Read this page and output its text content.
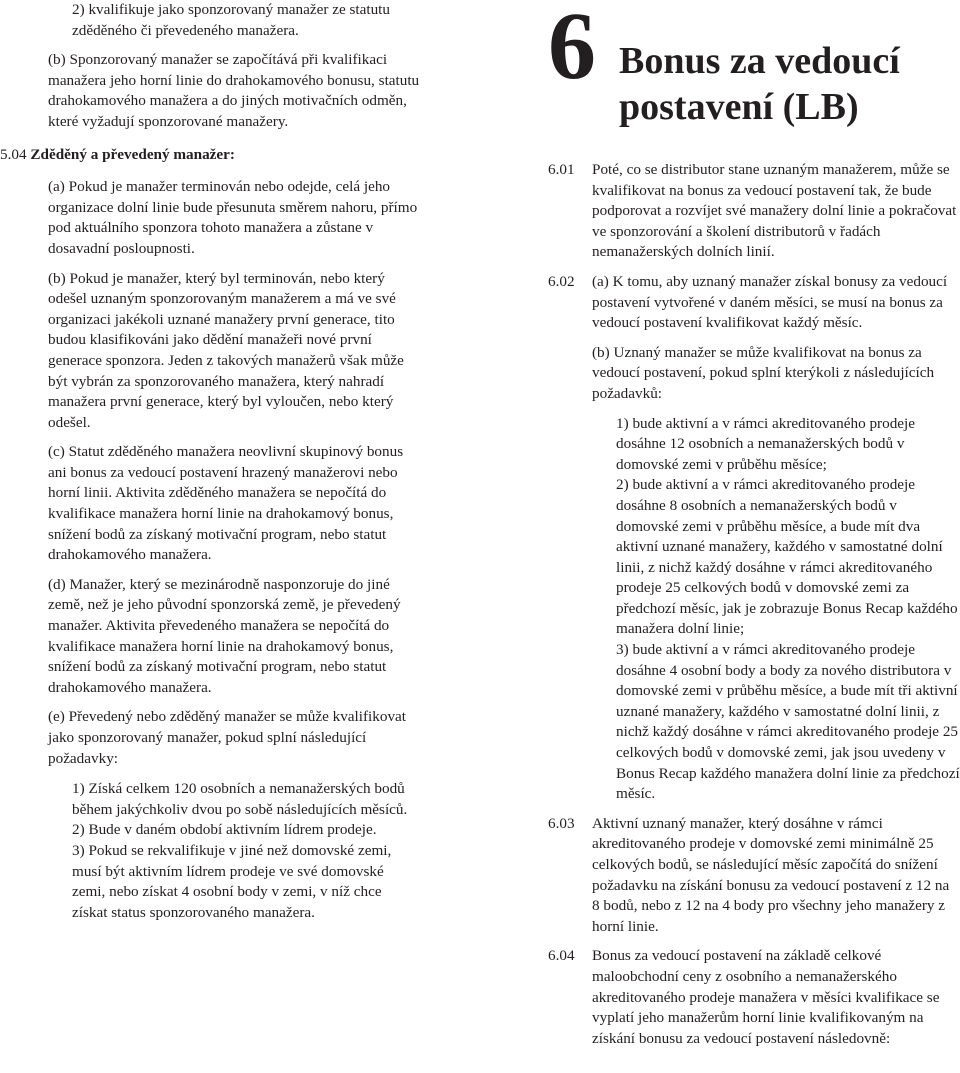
2) kvalifikuje jako sponzorovaný manažer ze statutu zděděného či převedeného manažera.

(b) Sponzorovaný manažer se započítává při kvalifikaci manažera jeho horní linie do drahokamového bonusu, statutu drahokamového manažera a do jiných motivačních odměn, které vyžadují sponzorované manažery.

5.04 Zděděný a převedený manažer:

(a) Pokud je manažer terminován nebo odejde, celá jeho organizace dolní linie bude přesunuta směrem nahoru, přímo pod aktuálního sponzora tohoto manažera a zůstane v dosavadní posloupnosti.

(b) Pokud je manažer, který byl terminován, nebo který odešel uznaným sponzorovaným manažerem a má ve své organizaci jakékoli uznané manažery první generace, tito budou klasifikováni jako dědění manažeři nové první generace sponzora. Jeden z takových manažerů však může být vybrán za sponzorovaného manažera, který nahradí manažera první generace, který byl vyloučen, nebo který odešel.

(c) Statut zděděného manažera neovlivní skupinový bonus ani bonus za vedoucí postavení hrazený manažerovi nebo horní linii. Aktivita zděděného manažera se nepočítá do kvalifikace manažera horní linie na drahokamový bonus, snížení bodů za získaný motivační program, nebo statut drahokamového manažera.

(d) Manažer, který se mezinárodně nasponzoruje do jiné země, než je jeho původní sponzorská země, je převedený manažer. Aktivita převedeného manažera se nepočítá do kvalifikace manažera horní linie na drahokamový bonus, snížení bodů za získaný motivační program, nebo statut drahokamového manažera.

(e) Převedený nebo zděděný manažer se může kvalifikovat jako sponzorovaný manažer, pokud splní následující požadavky:

1) Získá celkem 120 osobních a nemanažerských bodů během jakýchkoliv dvou po sobě následujících měsíců.

2) Bude v daném období aktivním lídrem prodeje.

3) Pokud se rekvalifikuje v jiné než domovské zemi, musí být aktivním lídrem prodeje ve své domovské zemi, nebo získat 4 osobní body v zemi, v níž chce získat status sponzorovaného manažera.

6 Bonus za vedoucí postavení (LB)
6.01 Poté, co se distributor stane uznaným manažerem, může se kvalifikovat na bonus za vedoucí postavení tak, že bude podporovat a rozvíjet své manažery dolní linie a pokračovat ve sponzorování a školení distributorů v řadách nemanažerských dolních linií.

6.02 (a) K tomu, aby uznaný manažer získal bonusy za vedoucí postavení vytvořené v daném měsíci, se musí na bonus za vedoucí postavení kvalifikovat každý měsíc.

(b) Uznaný manažer se může kvalifikovat na bonus za vedoucí postavení, pokud splní kterýkoli z následujících požadavků:

1) bude aktivní a v rámci akreditovaného prodeje dosáhne 12 osobních a nemanažerských bodů v domovské zemi v průběhu měsíce;

2) bude aktivní a v rámci akreditovaného prodeje dosáhne 8 osobních a nemanažerských bodů v domovské zemi v průběhu měsíce, a bude mít dva aktivní uznané manažery, každého v samostatné dolní linii, z nichž každý dosáhne v rámci akreditovaného prodeje 25 celkových bodů v domovské zemi za předchozí měsíc, jak je zobrazuje Bonus Recap každého manažera dolní linie;

3) bude aktivní a v rámci akreditovaného prodeje dosáhne 4 osobní body a body za nového distributora v domovské zemi v průběhu měsíce, a bude mít tři aktivní uznané manažery, každého v samostatné dolní linii, z nichž každý dosáhne v rámci akreditovaného prodeje 25 celkových bodů v domovské zemi, jak jsou uvedeny v Bonus Recap každého manažera dolní linie za předchozí měsíc.

6.03 Aktivní uznaný manažer, který dosáhne v rámci akreditovaného prodeje v domovské zemi minimálně 25 celkových bodů, se následující měsíc započítá do snížení požadavku na získání bonusu za vedoucí postavení z 12 na 8 bodů, nebo z 12 na 4 body pro všechny jeho manažery z horní linie.

6.04 Bonus za vedoucí postavení na základě celkové maloobchodní ceny z osobního a nemanažerského akreditovaného prodeje manažera v měsíci kvalifikace se vyplatí jeho manažerům horní linie kvalifikovaným na získání bonusu za vedoucí postavení následovně:
